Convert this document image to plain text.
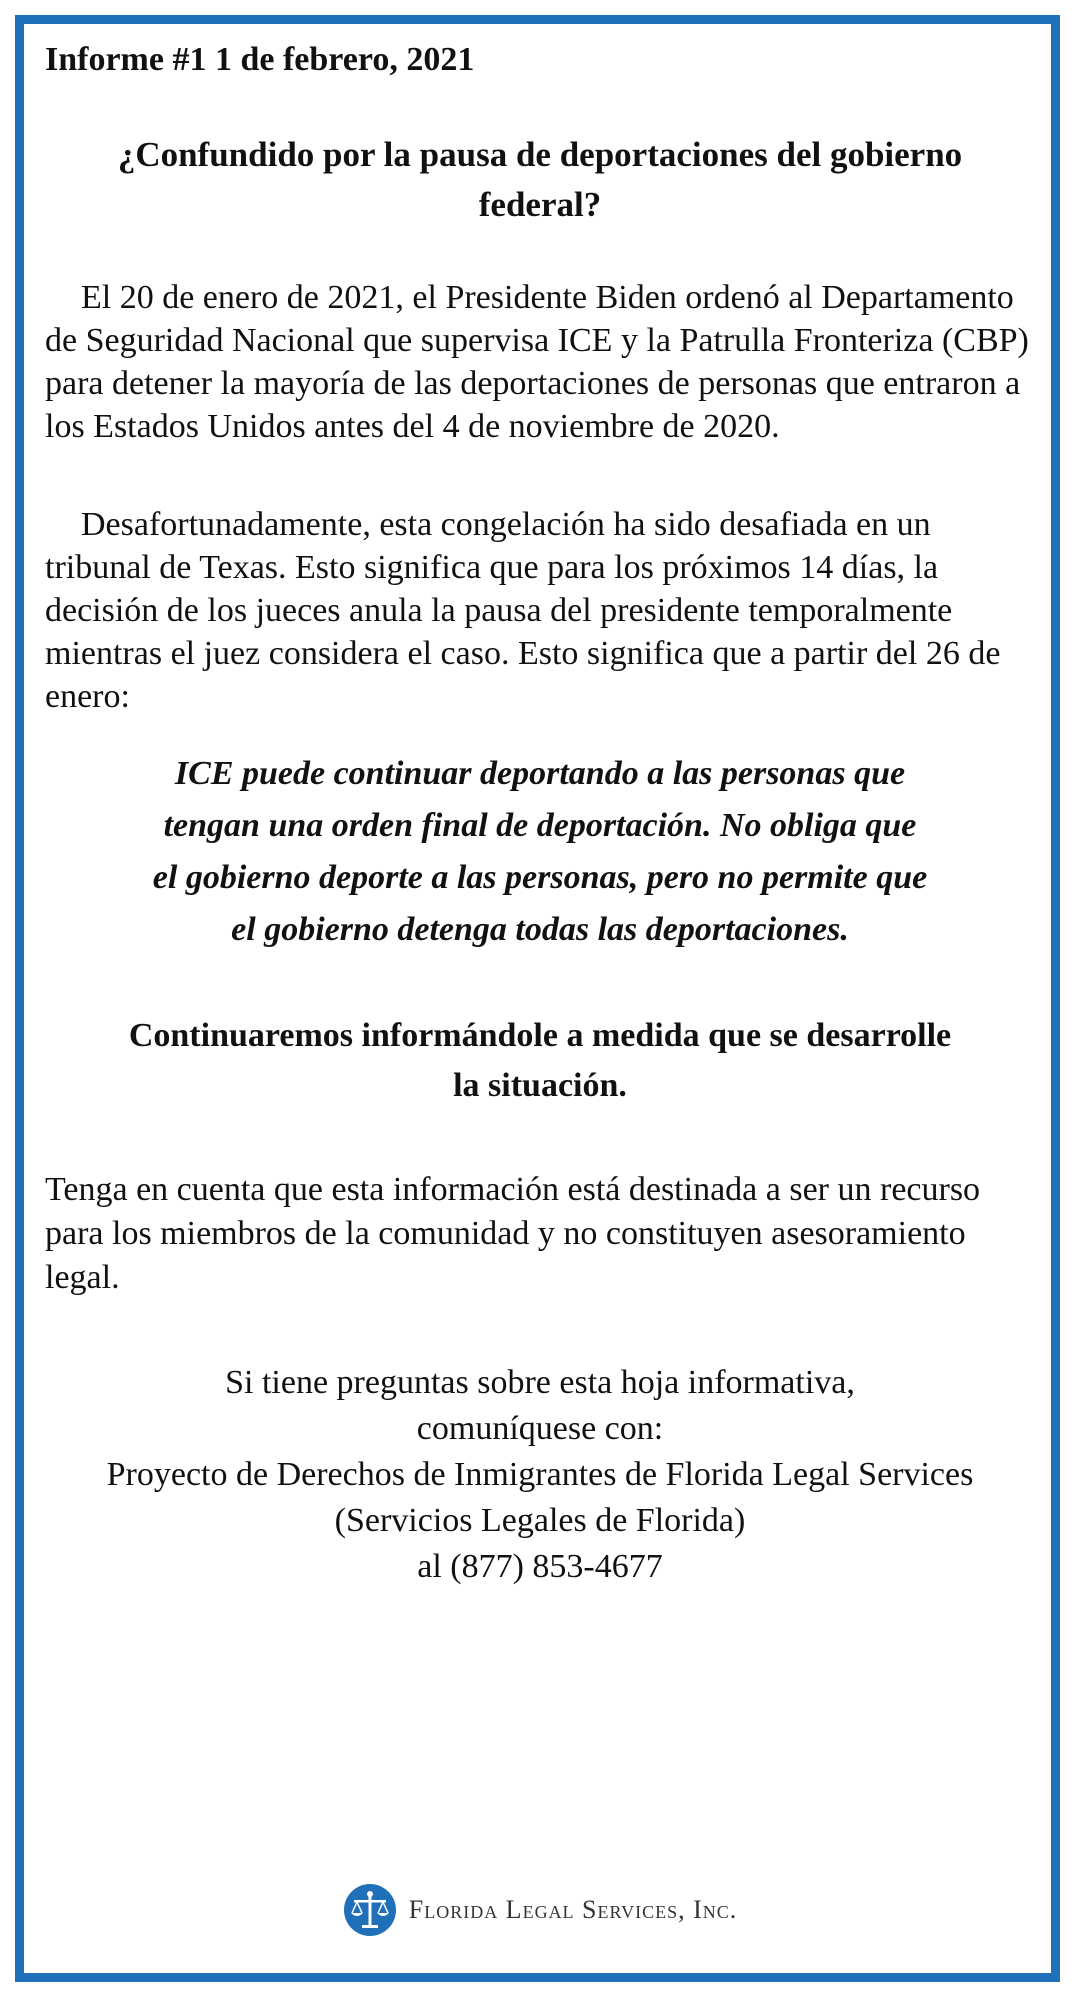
Informe #1 1 de febrero, 2021

¿Confundido por la pausa de deportaciones del gobierno federal?

El 20 de enero de 2021, el Presidente Biden ordenó al Departamento de Seguridad Nacional que supervisa ICE y la Patrulla Fronteriza (CBP) para detener la mayoría de las deportaciones de personas que entraron a los Estados Unidos antes del 4 de noviembre de 2020.

Desafortunadamente, esta congelación ha sido desafiada en un tribunal de Texas. Esto significa que para los próximos 14 días, la decisión de los jueces anula la pausa del presidente temporalmente mientras el juez considera el caso. Esto significa que a partir del 26 de enero:

ICE puede continuar deportando a las personas que tengan una orden final de deportación. No obliga que el gobierno deporte a las personas, pero no permite que el gobierno detenga todas las deportaciones.

Continuaremos informándole a medida que se desarrolle la situación.

Tenga en cuenta que esta información está destinada a ser un recurso para los miembros de la comunidad y no constituyen asesoramiento legal.

Si tiene preguntas sobre esta hoja informativa,
comuníquese con:
Proyecto de Derechos de Inmigrantes de Florida Legal Services
(Servicios Legales de Florida)
al (877) 853-4677
Florida Legal Services, Inc.
